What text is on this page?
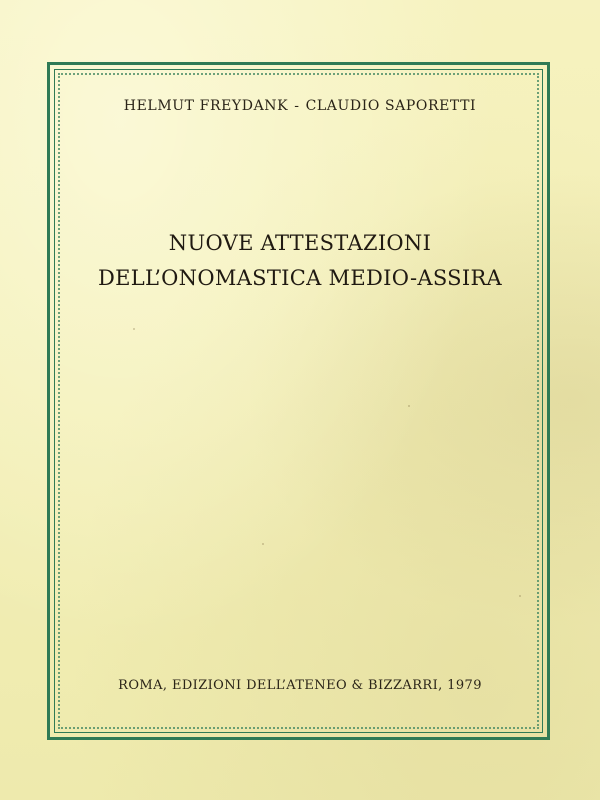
HELMUT FREYDANK - CLAUDIO SAPORETTI
NUOVE ATTESTAZIONI
DELL’ONOMASTICA MEDIO-ASSIRA
ROMA, EDIZIONI DELL’ATENEO & BIZZARRI, 1979
